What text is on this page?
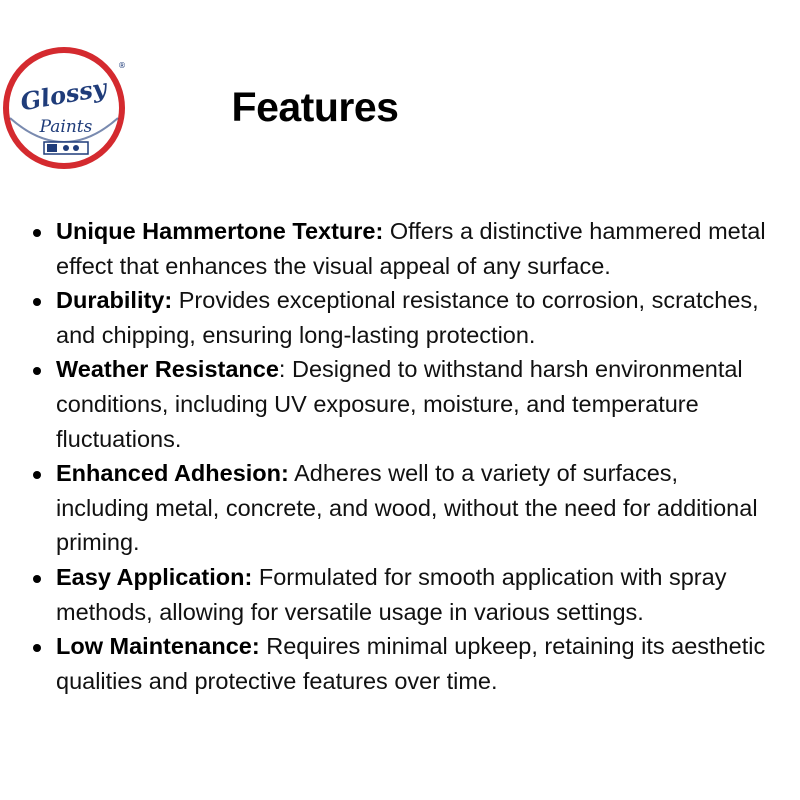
Glossy
Paints
®
Features
Unique Hammertone Texture: Offers a distinctive hammered metal effect that enhances the visual appeal of any surface.
Durability: Provides exceptional resistance to corrosion, scratches, and chipping, ensuring long-lasting protection.
Weather Resistance: Designed to withstand harsh environmental conditions, including UV exposure, moisture, and temperature fluctuations.
Enhanced Adhesion: Adheres well to a variety of surfaces, including metal, concrete, and wood, without the need for additional priming.
Easy Application: Formulated for smooth application with spray methods, allowing for versatile usage in various settings.
Low Maintenance: Requires minimal upkeep, retaining its aesthetic qualities and protective features over time.
